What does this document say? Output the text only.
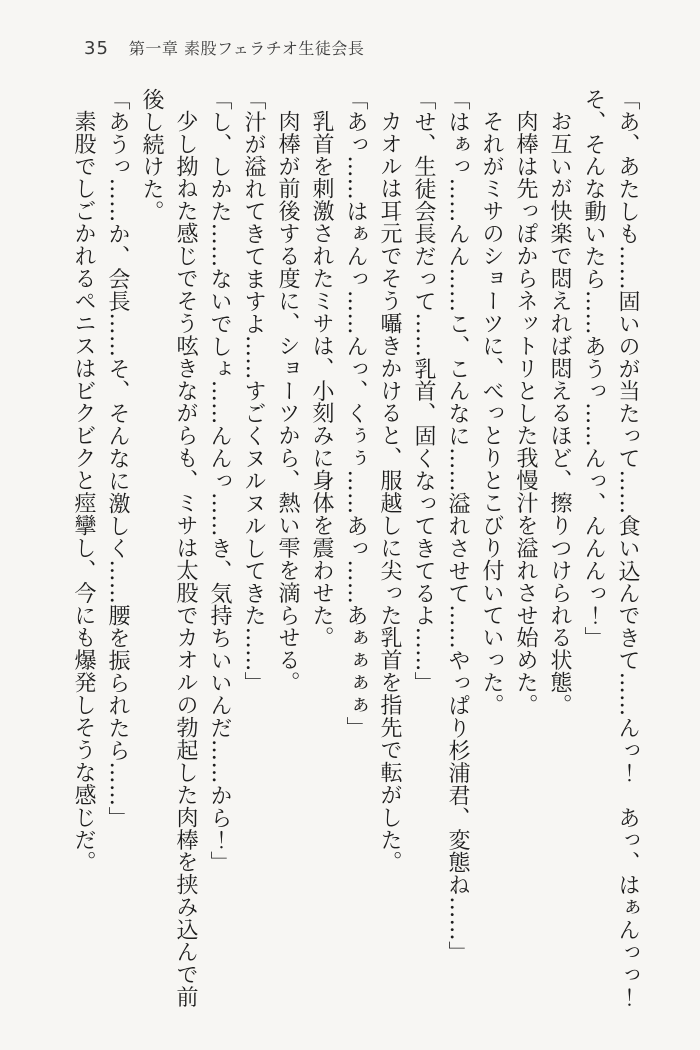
35 第一章 素股フェラチオ生徒会長

「あ、あたしも……固いのが当たって……食い込んできて……んっ！　あっ、はぁんっっ！そ、そんな動いたら……あうっ……んっ、んんんっ！」

お互いが快楽で悶えれば悶えるほど、擦りつけられる状態。

肉棒は先っぽからネットリとした我慢汁を溢れさせ始めた。

それがミサのショーツに、べっとりとこびり付いていった。

「はぁっ……んん……こ、こんなに……溢れさせて……やっぱり杉浦君、変態ね……」

「せ、生徒会長だって……乳首、固くなってきてるよ……」

カオルは耳元でそう囁きかけると、服越しに尖った乳首を指先で転がした。

「あっ……はぁんっ……んっ、くぅぅ……あっ……あぁぁぁぁ」

乳首を刺激されたミサは、小刻みに身体を震わせた。

肉棒が前後する度に、ショーツから、熱い雫を滴らせる。

「汁が溢れてきてますよ……すごくヌルヌルしてきた……」

「し、しかた……ないでしょ……んんっ……き、気持ちいいんだ……から！」

少し拗ねた感じでそう呟きながらも、ミサは太股でカオルの勃起した肉棒を挟み込んで前後し続けた。

「あうっ……か、会長……そ、そんなに激しく……腰を振られたら……」

素股でしごかれるペニスはビクビクと痙攣し、今にも爆発しそうな感じだ。
